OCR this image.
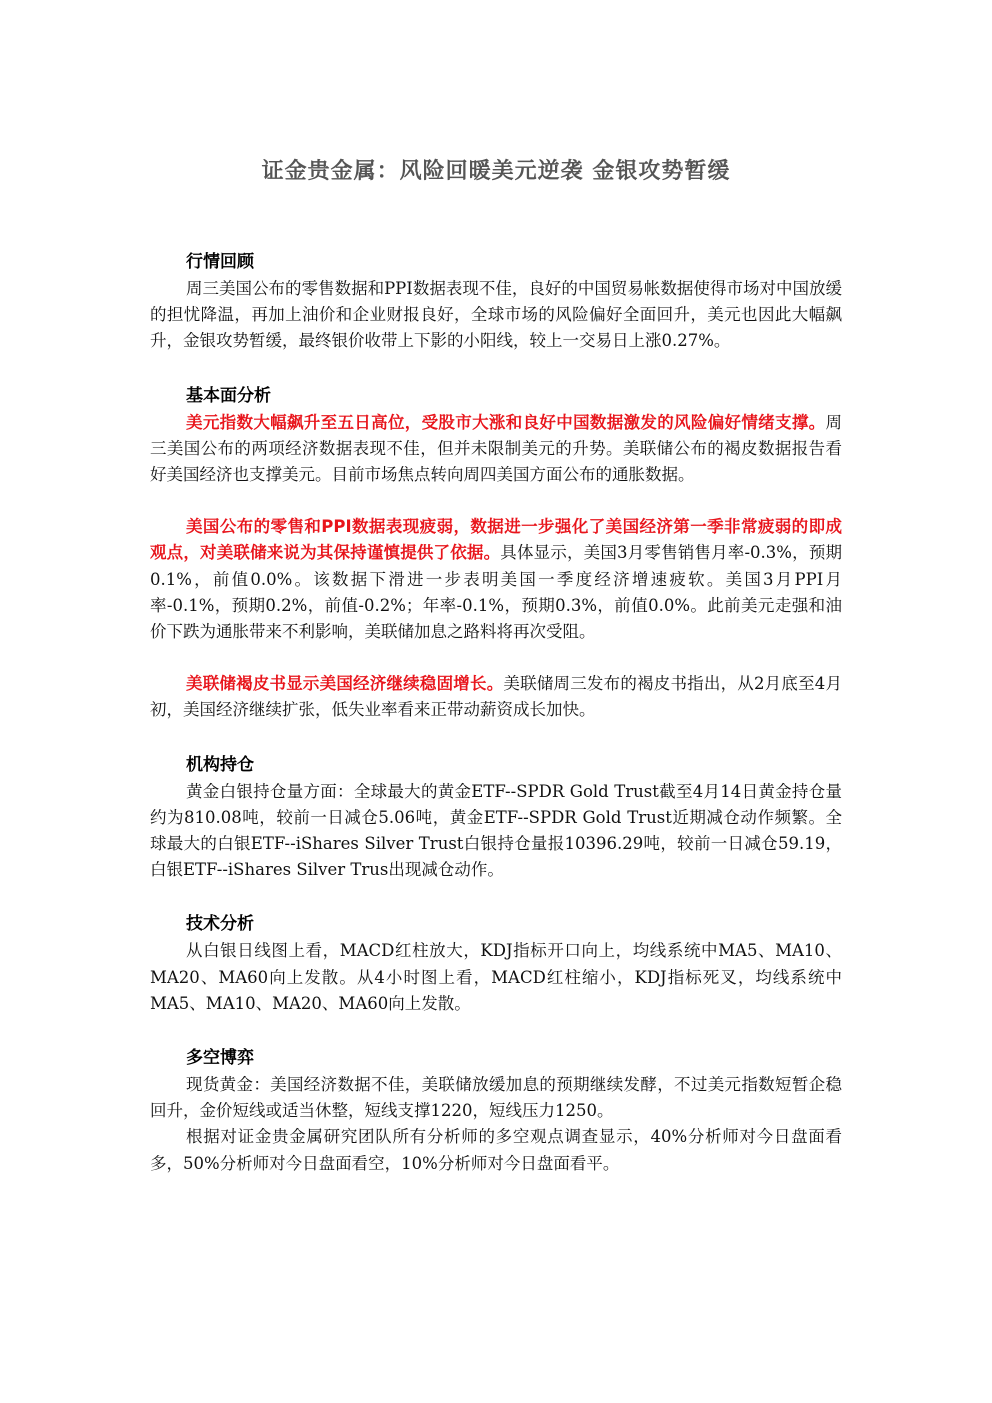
证金贵金属：风险回暖美元逆袭 金银攻势暂缓

行情回顾

周三美国公布的零售数据和PPI数据表现不佳，良好的中国贸易帐数据使得市场对中国放缓的担忧降温，再加上油价和企业财报良好，全球市场的风险偏好全面回升，美元也因此大幅飙升，金银攻势暂缓，最终银价收带上下影的小阳线，较上一交易日上涨0.27%。

基本面分析

美元指数大幅飙升至五日高位，受股市大涨和良好中国数据激发的风险偏好情绪支撑。周三美国公布的两项经济数据表现不佳，但并未限制美元的升势。美联储公布的褐皮数据报告看好美国经济也支撑美元。目前市场焦点转向周四美国方面公布的通胀数据。

美国公布的零售和PPI数据表现疲弱，数据进一步强化了美国经济第一季非常疲弱的即成观点，对美联储来说为其保持谨慎提供了依据。具体显示，美国3月零售销售月率-0.3%，预期0.1%，前值0.0%。该数据下滑进一步表明美国一季度经济增速疲软。美国3月PPI月率-0.1%，预期0.2%，前值-0.2%；年率-0.1%，预期0.3%，前值0.0%。此前美元走强和油价下跌为通胀带来不利影响，美联储加息之路料将再次受阻。

美联储褐皮书显示美国经济继续稳固增长。美联储周三发布的褐皮书指出，从2月底至4月初，美国经济继续扩张，低失业率看来正带动薪资成长加快。

机构持仓

黄金白银持仓量方面：全球最大的黄金ETF--SPDR Gold Trust截至4月14日黄金持仓量约为810.08吨，较前一日减仓5.06吨，黄金ETF--SPDR Gold Trust近期减仓动作频繁。全球最大的白银ETF--iShares Silver Trust白银持仓量报10396.29吨，较前一日减仓59.19，白银ETF--iShares Silver Trus出现减仓动作。

技术分析

从白银日线图上看，MACD红柱放大，KDJ指标开口向上，均线系统中MA5、MA10、MA20、MA60向上发散。从4小时图上看，MACD红柱缩小，KDJ指标死叉，均线系统中MA5、MA10、MA20、MA60向上发散。

多空博弈

现货黄金：美国经济数据不佳，美联储放缓加息的预期继续发酵，不过美元指数短暂企稳回升，金价短线或适当休整，短线支撑1220，短线压力1250。

根据对证金贵金属研究团队所有分析师的多空观点调查显示，40%分析师对今日盘面看多，50%分析师对今日盘面看空，10%分析师对今日盘面看平。
